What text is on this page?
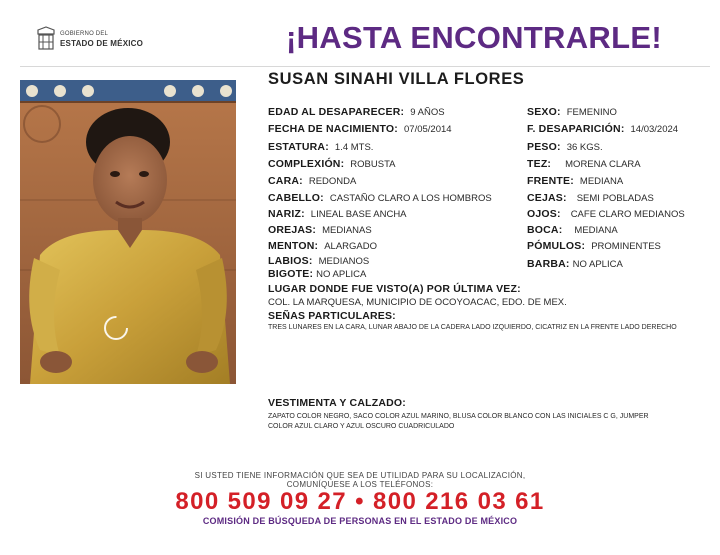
GOBIERNO DEL
ESTADO DE MÉXICO	¡HASTA ENCONTRARLE!
SUSAN SINAHI VILLA FLORES
EDAD AL DESAPARECER: 9 AÑOS
FECHA DE NACIMIENTO: 07/05/2014
ESTATURA: 1.4 MTS.
COMPLEXIÓN: ROBUSTA
CARA: REDONDA
CABELLO: CASTAÑO CLARO A LOS HOMBROS
NARIZ: LINEAL BASE ANCHA
OREJAS: MEDIANAS
MENTON: ALARGADO
LABIOS: MEDIANOS
BIGOTE: NO APLICA
SEXO: FEMENINO
F. DESAPARICIÓN: 14/03/2024
PESO: 36 KGS.
TEZ: MORENA CLARA
FRENTE: MEDIANA
CEJAS: SEMI POBLADAS
OJOS: CAFE CLARO MEDIANOS
BOCA: MEDIANA
PÓMULOS: PROMINENTES
BARBA: NO APLICA
LUGAR DONDE FUE VISTO(A) POR ÚLTIMA VEZ:
COL. LA MARQUESA, MUNICIPIO DE OCOYOACAC, EDO. DE MEX.
SEÑAS PARTICULARES:
TRES LUNARES EN LA CARA, LUNAR ABAJO DE LA CADERA LADO IZQUIERDO, CICATRIZ EN LA FRENTE LADO DERECHO
VESTIMENTA Y CALZADO:
ZAPATO COLOR NEGRO, SACO COLOR AZUL MARINO, BLUSA COLOR BLANCO CON LAS INICIALES C G, JUMPER
COLOR AZUL CLARO Y AZUL OSCURO CUADRICULADO
SI USTED TIENE INFORMACIÓN QUE SEA DE UTILIDAD PARA SU LOCALIZACIÓN,
COMUNÍQUESE A LOS TELÉFONOS:
800 509 09 27 • 800 216 03 61
COMISIÓN DE BÚSQUEDA DE PERSONAS EN EL ESTADO DE MÉXICO
